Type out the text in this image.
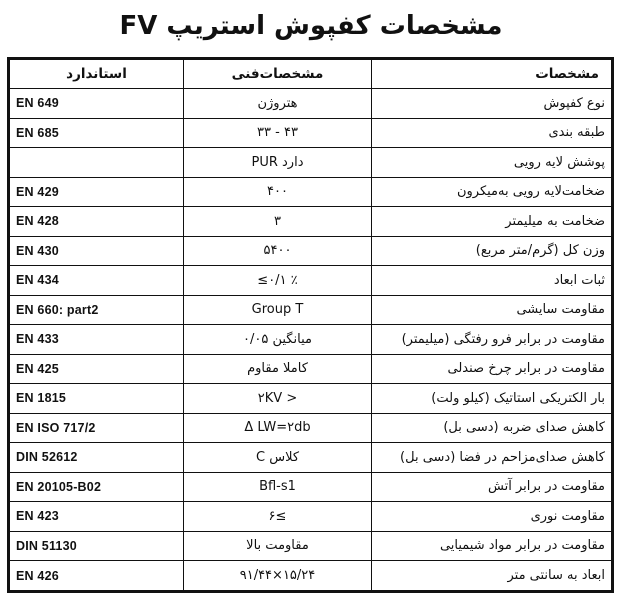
مشخصات کفپوش استریپ FV
استاندارد	مشخصات‌فنی	مشخصات
EN 649	هتروژن	نوع کفپوش
EN 685	۴۳ - ۳۳	طبقه بندی
	دارد PUR	پوشش لایه رویی
EN 429	۴۰۰	ضخامت‌لایه رویی به‌میکرون
EN 428	۳	ضخامت به میلیمتر
EN 430	۵۴۰۰	وزن کل (گرم/متر مربع)
EN 434	٪ ۰/۱≥	ثبات ابعاد
EN 660: part2	Group T	مقاومت سایشی
EN 433	میانگین ۰/۰۵	مقاومت در برابر فرو رفتگی (میلیمتر)
EN 425	کاملا مقاوم	مقاومت در برابر چرخ صندلی
EN 1815	< ۲KV	بار الکتریکی استاتیک (کیلو ولت)
EN ISO 717/2	Δ LW=۲db	کاهش صدای ضربه (دسی بل)
DIN 52612	کلاس C	کاهش صدای‌مزاحم در فضا (دسی بل)
EN 20105-B02	Bfl-s1	مقاومت در برابر آتش
EN 423	≥۶	مقاومت نوری
DIN 51130	مقاومت بالا	مقاومت در برابر مواد شیمیایی
EN 426	۱۵/۲۴×۹۱/۴۴	ابعاد به سانتی متر
